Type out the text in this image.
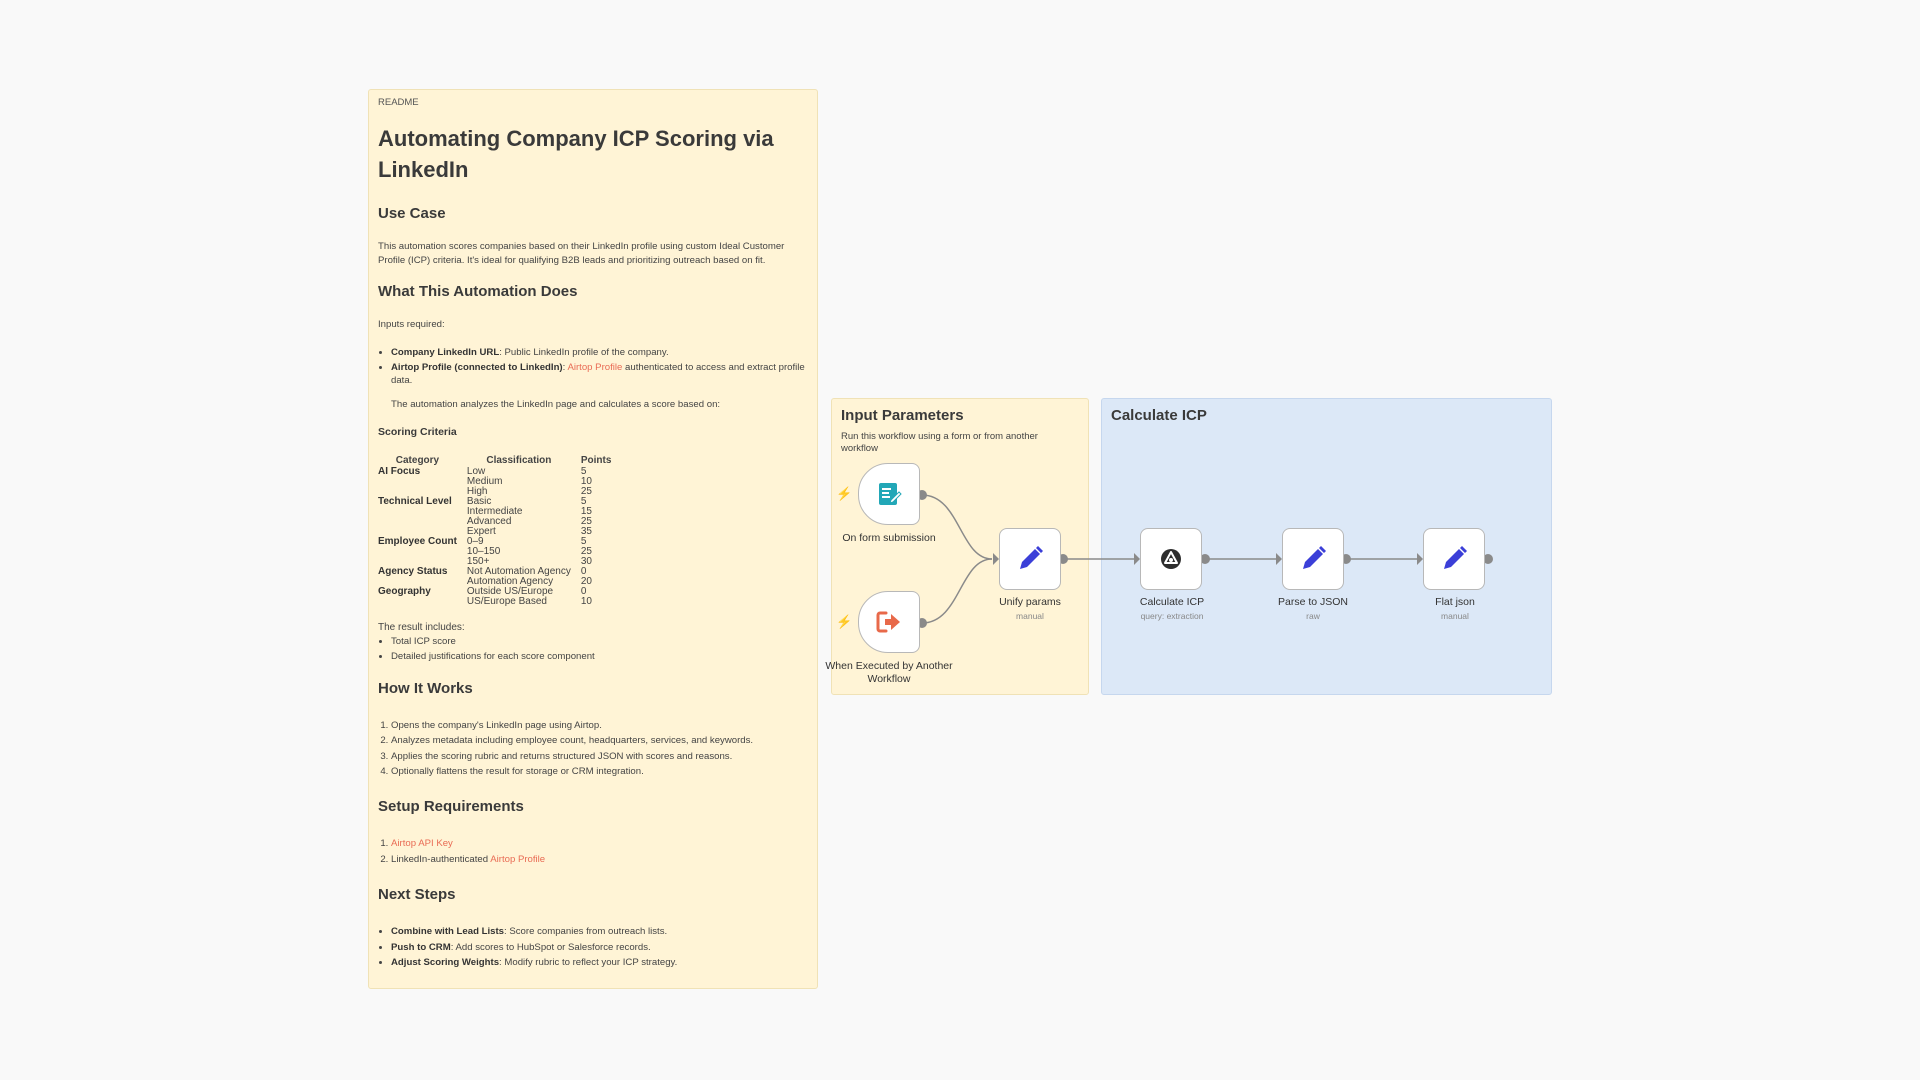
README
Automating Company ICP Scoring via LinkedIn
Use Case

This automation scores companies based on their LinkedIn profile using custom Ideal Customer Profile (ICP) criteria. It's ideal for qualifying B2B leads and prioritizing outreach based on fit.

What This Automation Does

Inputs required:

• Company LinkedIn URL: Public LinkedIn profile of the company.
• Airtop Profile (connected to LinkedIn): Airtop Profile authenticated to access and extract profile data.

The automation analyzes the LinkedIn page and calculates a score based on:

Scoring Criteria
Category	Classification	Points
AI Focus	Low	5
	Medium	10
	High	25
Technical Level	Basic	5
	Intermediate	15
	Advanced	25
	Expert	35
Employee Count	0–9	5
	10–150	25
	150+	30
Agency Status	Not Automation Agency	0
	Automation Agency	20
Geography	Outside US/Europe	0
	US/Europe Based	10
The result includes:
• Total ICP score
• Detailed justifications for each score component
How It Works
1. Opens the company's LinkedIn page using Airtop.
2. Analyzes metadata including employee count, headquarters, services, and keywords.
3. Applies the scoring rubric and returns structured JSON with scores and reasons.
4. Optionally flattens the result for storage or CRM integration.
Setup Requirements
1. Airtop API Key
2. LinkedIn-authenticated Airtop Profile
Next Steps
• Combine with Lead Lists: Score companies from outreach lists.
• Push to CRM: Add scores to HubSpot or Salesforce records.
• Adjust Scoring Weights: Modify rubric to reflect your ICP strategy.
Input Parameters
Run this workflow using a form or from another workflow
Calculate ICP
⚡
On form submission
⚡
When Executed by Another Workflow
Unify params
manual
Calculate ICP
query: extraction
Parse to JSON
raw
Flat json
manual
